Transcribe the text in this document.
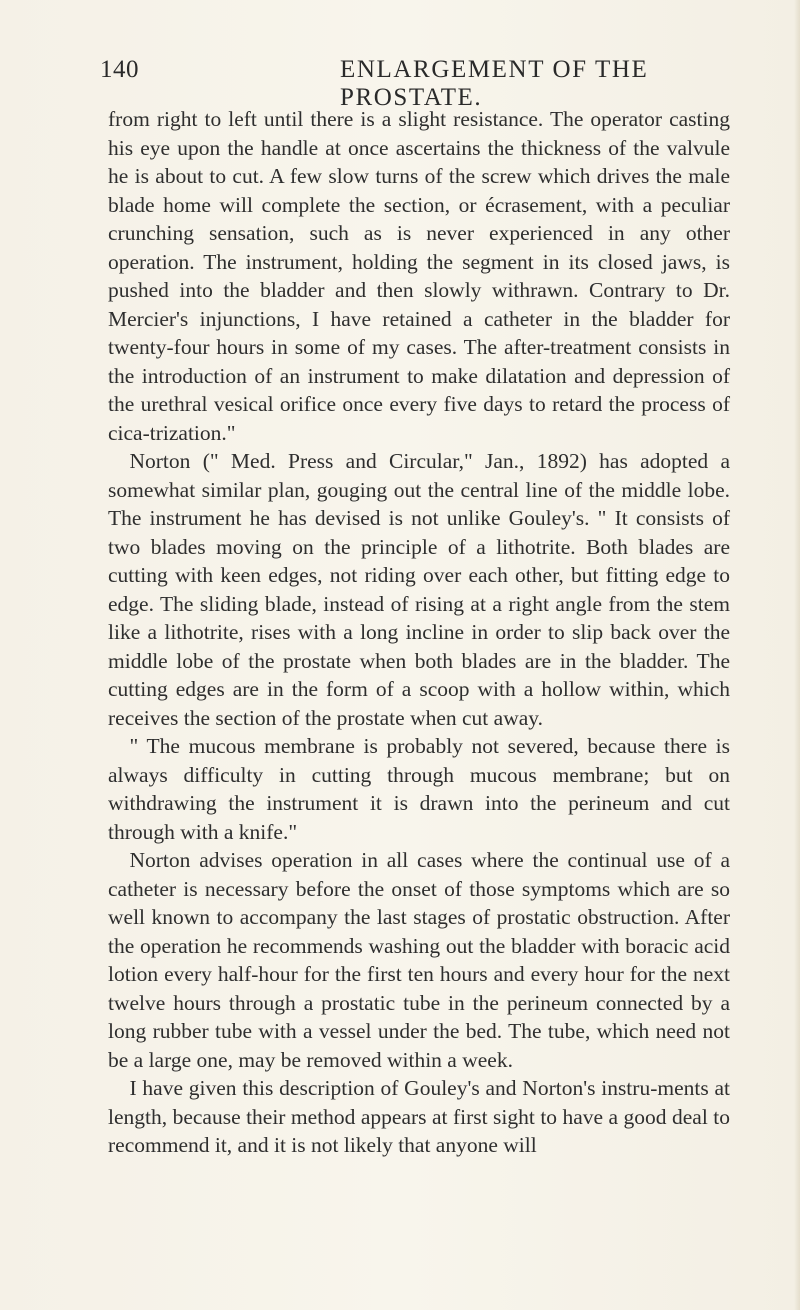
140	ENLARGEMENT OF THE PROSTATE.

from right to left until there is a slight resistance. The operator casting his eye upon the handle at once ascertains the thickness of the valvule he is about to cut. A few slow turns of the screw which drives the male blade home will complete the section, or écrasement, with a peculiar crunching sensation, such as is never experienced in any other operation. The instrument, holding the segment in its closed jaws, is pushed into the bladder and then slowly withrawn. Contrary to Dr. Mercier's injunctions, I have retained a catheter in the bladder for twenty-four hours in some of my cases. The after-treatment consists in the introduction of an instrument to make dilatation and depression of the urethral vesical orifice once every five days to retard the process of cica-trization."

Norton (" Med. Press and Circular," Jan., 1892) has adopted a somewhat similar plan, gouging out the central line of the middle lobe. The instrument he has devised is not unlike Gouley's. " It consists of two blades moving on the principle of a lithotrite. Both blades are cutting with keen edges, not riding over each other, but fitting edge to edge. The sliding blade, instead of rising at a right angle from the stem like a lithotrite, rises with a long incline in order to slip back over the middle lobe of the prostate when both blades are in the bladder. The cutting edges are in the form of a scoop with a hollow within, which receives the section of the prostate when cut away.

" The mucous membrane is probably not severed, because there is always difficulty in cutting through mucous membrane; but on withdrawing the instrument it is drawn into the perineum and cut through with a knife."

Norton advises operation in all cases where the continual use of a catheter is necessary before the onset of those symptoms which are so well known to accompany the last stages of prostatic obstruction. After the operation he recommends washing out the bladder with boracic acid lotion every half-hour for the first ten hours and every hour for the next twelve hours through a prostatic tube in the perineum connected by a long rubber tube with a vessel under the bed. The tube, which need not be a large one, may be removed within a week.

I have given this description of Gouley's and Norton's instru-ments at length, because their method appears at first sight to have a good deal to recommend it, and it is not likely that anyone will
